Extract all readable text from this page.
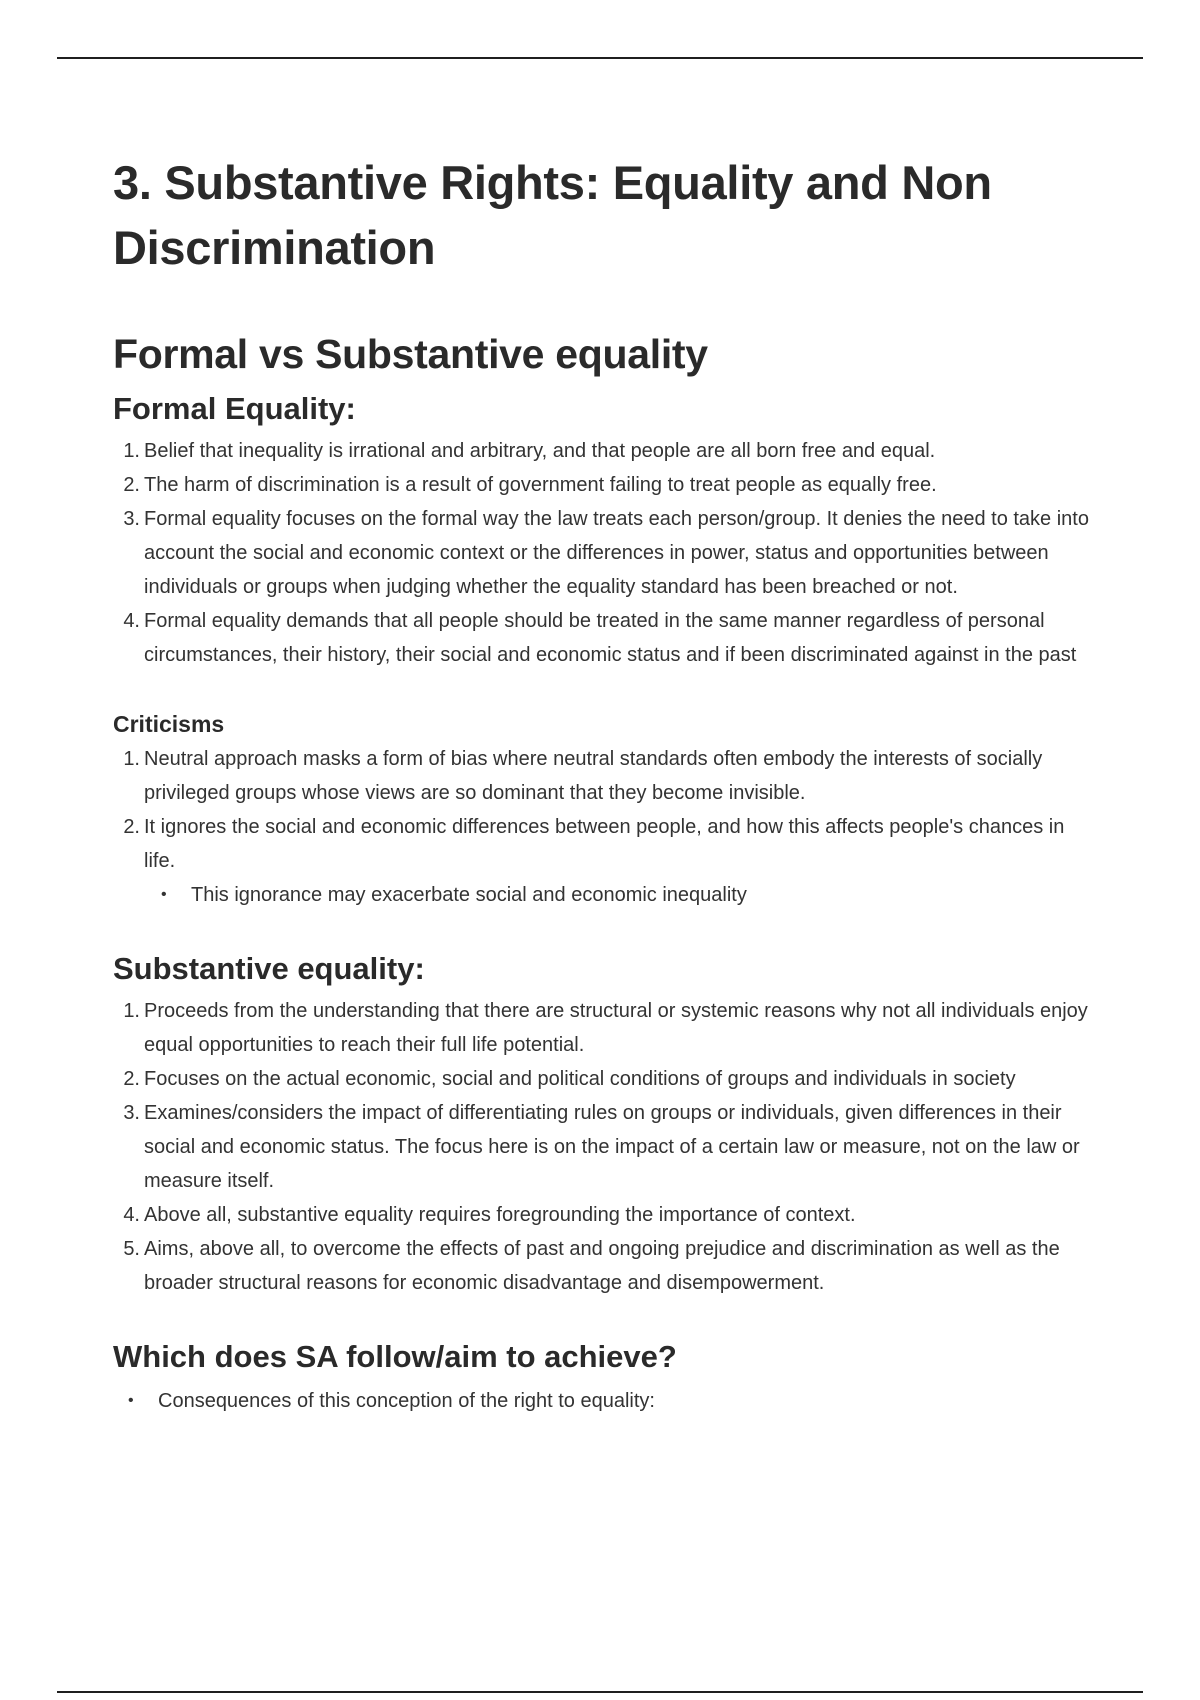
3. Substantive Rights: Equality and Non Discrimination
Formal vs Substantive equality
Formal Equality:
1. Belief that inequality is irrational and arbitrary, and that people are all born free and equal.
2. The harm of discrimination is a result of government failing to treat people as equally free.
3. Formal equality focuses on the formal way the law treats each person/group. It denies the need to take into account the social and economic context or the differences in power, status and opportunities between individuals or groups when judging whether the equality standard has been breached or not.
4. Formal equality demands that all people should be treated in the same manner regardless of personal circumstances, their history, their social and economic status and if been discriminated against in the past
Criticisms
1. Neutral approach masks a form of bias where neutral standards often embody the interests of socially privileged groups whose views are so dominant that they become invisible.
2. It ignores the social and economic differences between people, and how this affects people's chances in life.
• This ignorance may exacerbate social and economic inequality
Substantive equality:
1. Proceeds from the understanding that there are structural or systemic reasons why not all individuals enjoy equal opportunities to reach their full life potential.
2. Focuses on the actual economic, social and political conditions of groups and individuals in society
3. Examines/considers the impact of differentiating rules on groups or individuals, given differences in their social and economic status. The focus here is on the impact of a certain law or measure, not on the law or measure itself.
4. Above all, substantive equality requires foregrounding the importance of context.
5. Aims, above all, to overcome the effects of past and ongoing prejudice and discrimination as well as the broader structural reasons for economic disadvantage and disempowerment.
Which does SA follow/aim to achieve?
• Consequences of this conception of the right to equality:
